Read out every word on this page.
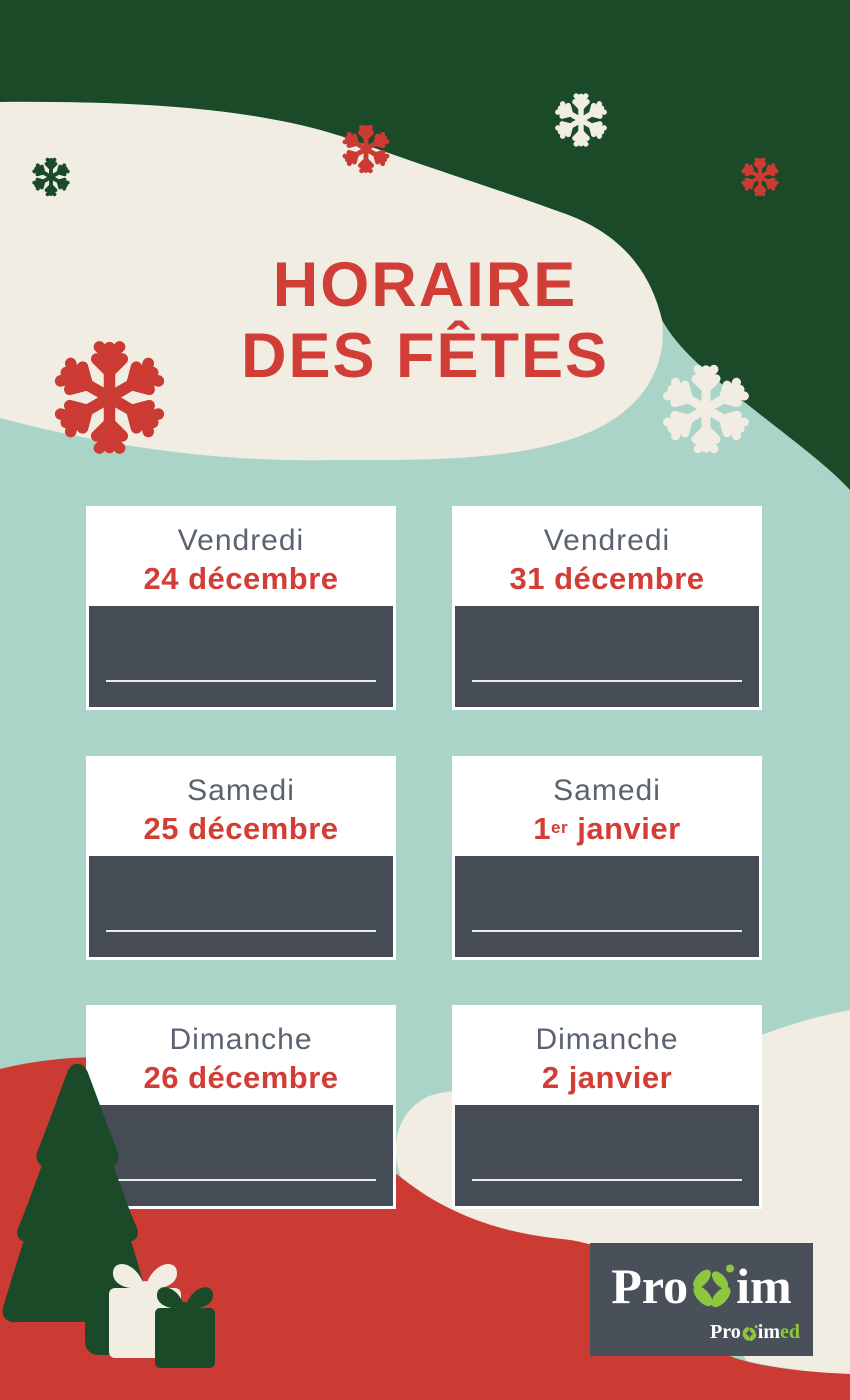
HORAIRE
DES FÊTES
Vendredi
24 décembre
Vendredi
31 décembre
Samedi
25 décembre
Samedi
1er janvier
Dimanche
26 décembre
Dimanche
2 janvier
Pro im
Pro im ed
